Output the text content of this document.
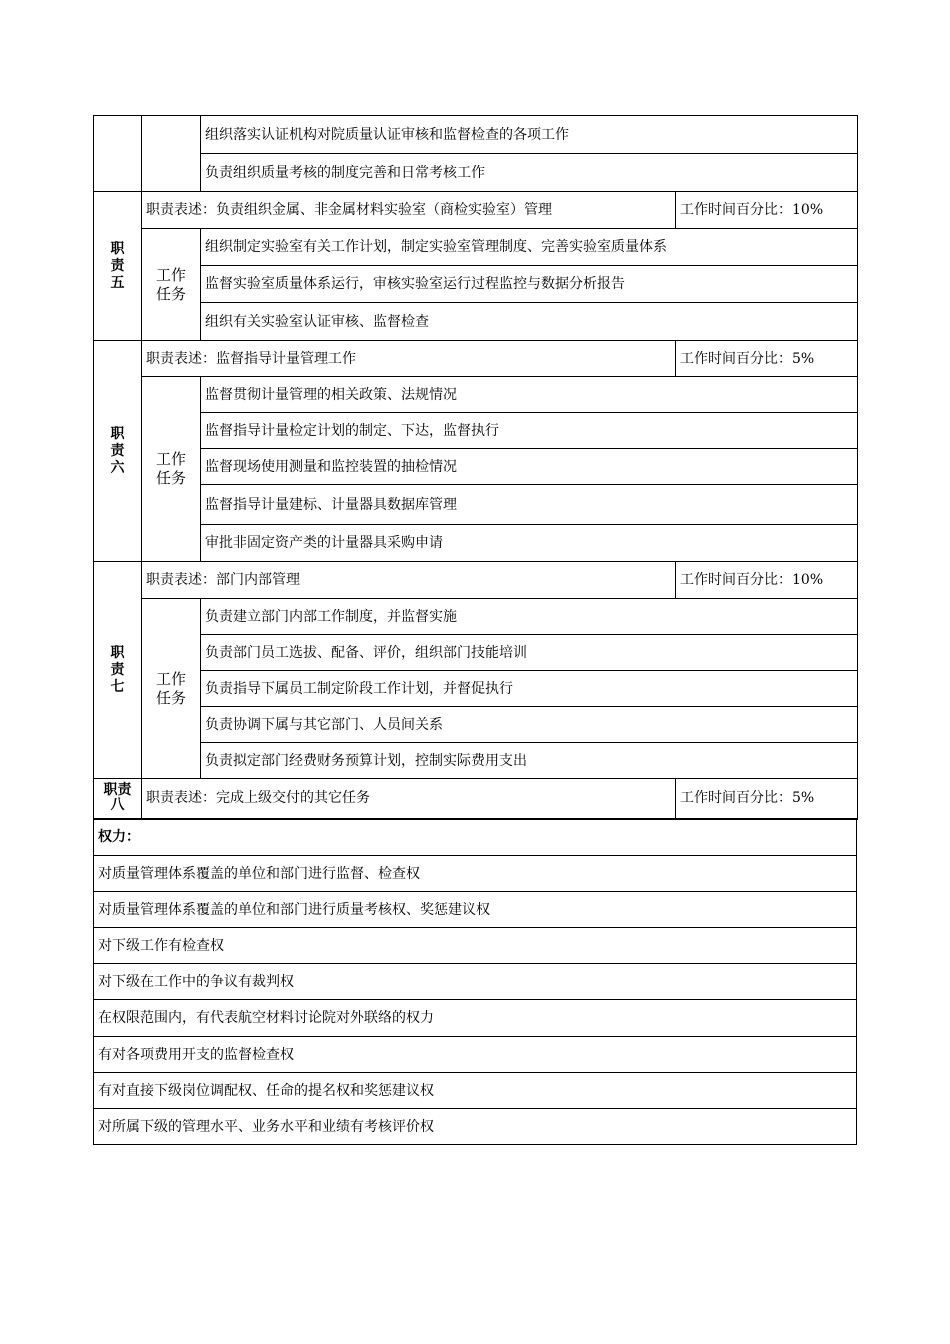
		组织落实认证机构对院质量认证审核和监督检查的各项工作	
		负责组织质量考核的制度完善和日常考核工作	

职
责
五	职责表述：负责组织金属、非金属材料实验室（商检实验室）管理		工作时间百分比：10%

	工作
任务	组织制定实验室有关工作计划，制定实验室管理制度、完善实验室质量体系	
		监督实验室质量体系运行，审核实验室运行过程监控与数据分析报告	
		组织有关实验室认证审核、监督检查	

职
责
六	职责表述：监督指导计量管理工作		工作时间百分比：5%

	工作
任务	监督贯彻计量管理的相关政策、法规情况	
		监督指导计量检定计划的制定、下达，监督执行	
		监督现场使用测量和监控装置的抽检情况	
		监督指导计量建标、计量器具数据库管理	
		审批非固定资产类的计量器具采购申请	

职
责
七	职责表述：部门内部管理		工作时间百分比：10%

	工作
任务	负责建立部门内部工作制度，并监督实施	
		负责部门员工选拔、配备、评价，组织部门技能培训	
		负责指导下属员工制定阶段工作计划，并督促执行	
		负责协调下属与其它部门、人员间关系	
		负责拟定部门经费财务预算计划，控制实际费用支出	

职责
八	职责表述：完成上级交付的其它任务		工作时间百分比：5%
权力：
对质量管理体系覆盖的单位和部门进行监督、检查权
对质量管理体系覆盖的单位和部门进行质量考核权、奖惩建议权
对下级工作有检查权
对下级在工作中的争议有裁判权
在权限范围内，有代表航空材料讨论院对外联络的权力
有对各项费用开支的监督检查权
有对直接下级岗位调配权、任命的提名权和奖惩建议权
对所属下级的管理水平、业务水平和业绩有考核评价权
